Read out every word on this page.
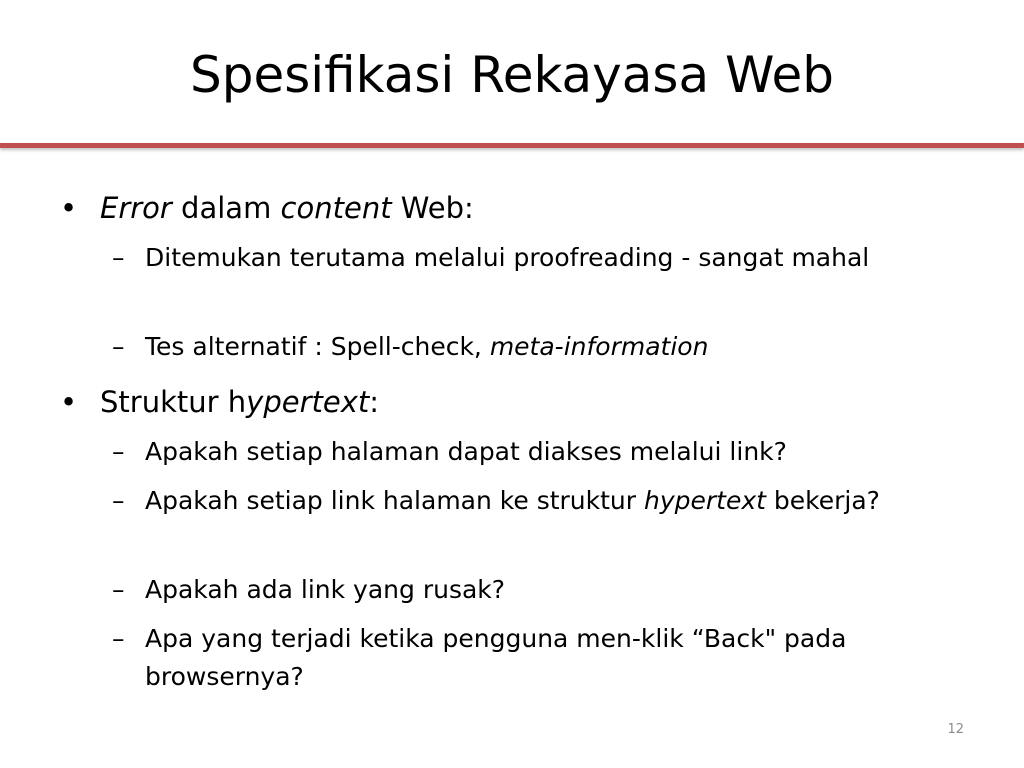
Spesifikasi Rekayasa Web
• Error dalam content Web:
– Ditemukan terutama melalui proofreading - sangat mahal
– Tes alternatif : Spell-check, meta-information
• Struktur hypertext:
– Apakah setiap halaman dapat diakses melalui link?
– Apakah setiap link halaman ke struktur hypertext bekerja?
– Apakah ada link yang rusak?
– Apa yang terjadi ketika pengguna men-klik “Back" pada browsernya?
12
